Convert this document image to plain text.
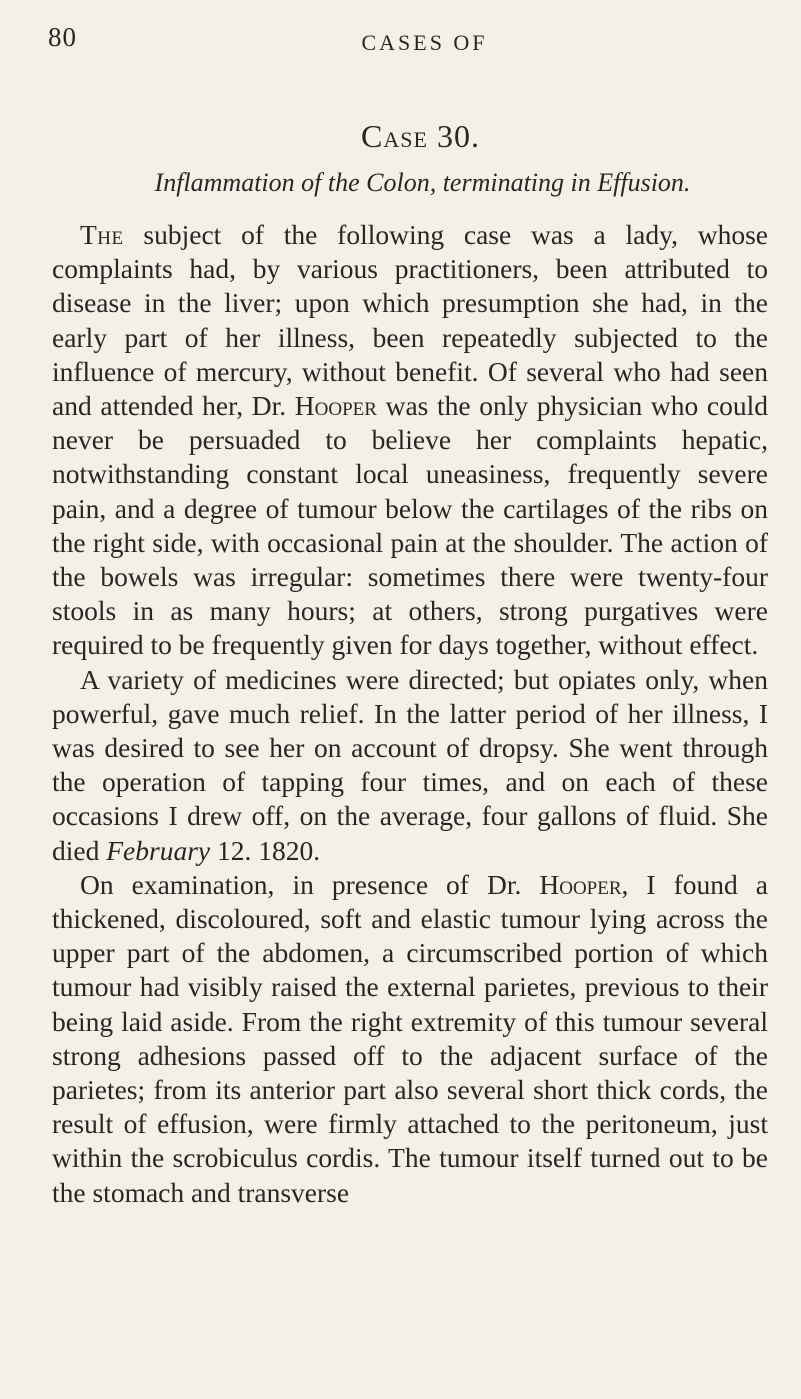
80	CASES OF
Case 30.
Inflammation of the Colon, terminating in Effusion.

The subject of the following case was a lady, whose complaints had, by various practitioners, been attributed to disease in the liver; upon which presumption she had, in the early part of her illness, been repeatedly subjected to the influence of mercury, without benefit. Of several who had seen and attended her, Dr. Hooper was the only physician who could never be persuaded to believe her complaints hepatic, notwithstanding constant local uneasiness, frequently severe pain, and a degree of tumour below the cartilages of the ribs on the right side, with occasional pain at the shoulder. The action of the bowels was irregular: sometimes there were twenty-four stools in as many hours; at others, strong purgatives were required to be frequently given for days together, without effect.

A variety of medicines were directed; but opiates only, when powerful, gave much relief. In the latter period of her illness, I was desired to see her on account of dropsy. She went through the operation of tapping four times, and on each of these occasions I drew off, on the average, four gallons of fluid. She died February 12. 1820.

On examination, in presence of Dr. Hooper, I found a thickened, discoloured, soft and elastic tumour lying across the upper part of the abdomen, a circumscribed portion of which tumour had visibly raised the external parietes, previous to their being laid aside. From the right extremity of this tumour several strong adhesions passed off to the adjacent surface of the parietes; from its anterior part also several short thick cords, the result of effusion, were firmly attached to the peritoneum, just within the scrobiculus cordis. The tumour itself turned out to be the stomach and transverse
